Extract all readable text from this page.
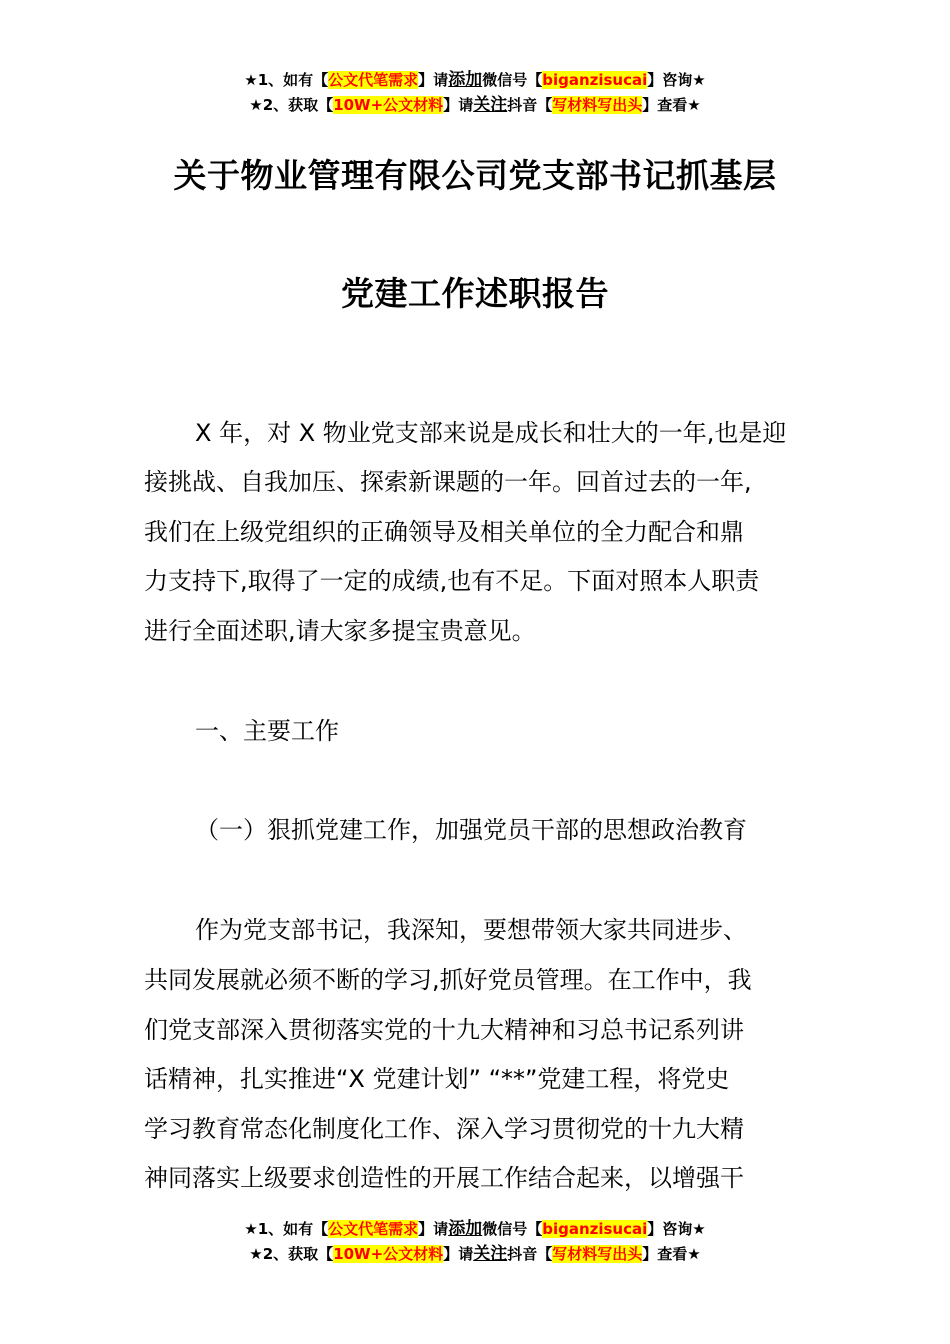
★1、如有【公文代笔需求】请添加微信号【biganzisucai】咨询★
★2、获取【10W+公文材料】请关注抖音【写材料写出头】查看★
关于物业管理有限公司党支部书记抓基层
党建工作述职报告
X 年，对 X 物业党支部来说是成长和壮大的一年,也是迎
接挑战、自我加压、探索新课题的一年。回首过去的一年,
我们在上级党组织的正确领导及相关单位的全力配合和鼎
力支持下,取得了一定的成绩,也有不足。下面对照本人职责
进行全面述职,请大家多提宝贵意见。
一、主要工作
（一）狠抓党建工作，加强党员干部的思想政治教育
作为党支部书记，我深知，要想带领大家共同进步、
共同发展就必须不断的学习,抓好党员管理。在工作中，我
们党支部深入贯彻落实党的十九大精神和习总书记系列讲
话精神，扎实推进“X 党建计划” “**”党建工程，将党史
学习教育常态化制度化工作、深入学习贯彻党的十九大精
神同落实上级要求创造性的开展工作结合起来，以增强干
★1、如有【公文代笔需求】请添加微信号【biganzisucai】咨询★
★2、获取【10W+公文材料】请关注抖音【写材料写出头】查看★
